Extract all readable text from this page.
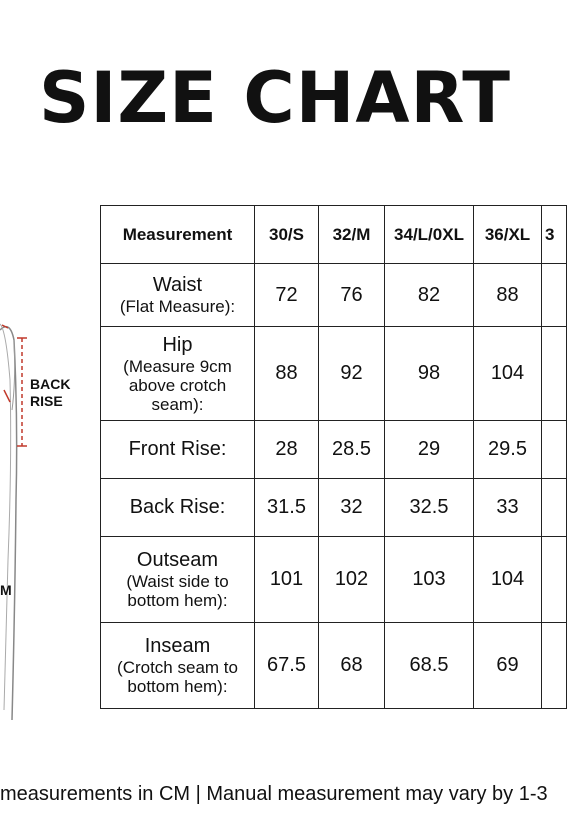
SIZE CHART
BACK
RISE
M
Measurement	30/S	32/M	34/L/0XL	36/XL	3

Waist
(Flat Measure):	72	76	82	88	

Hip
(Measure 9cm above crotch seam):	88	92	98	104	

Front Rise:	28	28.5	29	29.5	

Back Rise:	31.5	32	32.5	33	

Outseam
(Waist side to bottom hem):	101	102	103	104	

Inseam
(Crotch seam to bottom hem):	67.5	68	68.5	69	
measurements in CM | Manual measurement may vary by 1-3
